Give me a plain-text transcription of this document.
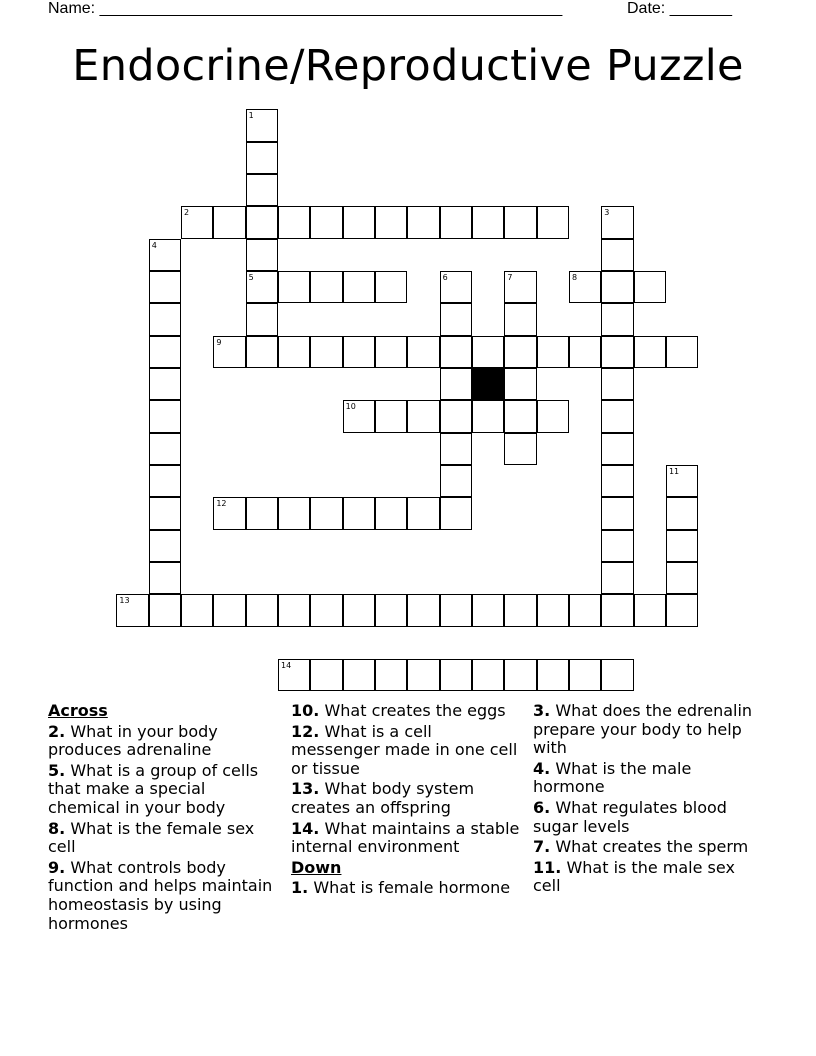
Name: ____________________________________________________	Date: _______
Endocrine/Reproductive Puzzle
1
2	3
4
5	6	7	8
9
10
11
12
13
14
Across
2. What in your body produces adrenaline
5. What is a group of cells that make a special chemical in your body
8. What is the female sex cell
9. What controls body function and helps maintain homeostasis by using hormones
10. What creates the eggs
12. What is a cell messenger made in one cell or tissue
13. What body system creates an offspring
14. What maintains a stable internal environment
Down
1. What is female hormone
3. What does the edrenalin prepare your body to help with
4. What is the male hormone
6. What regulates blood sugar levels
7. What creates the sperm
11. What is the male sex cell
